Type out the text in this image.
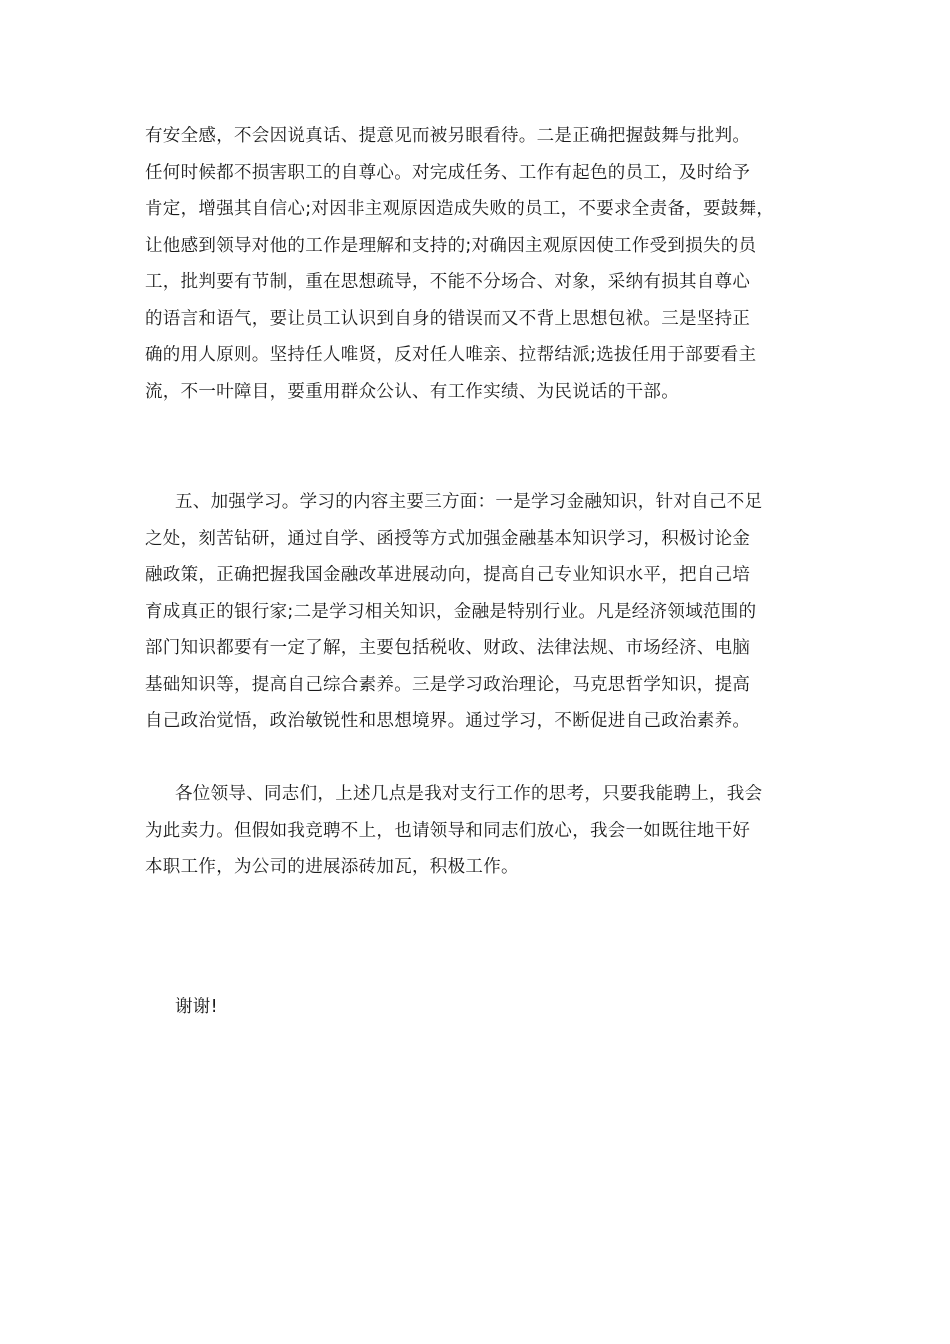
有安全感，不会因说真话、提意见而被另眼看待。二是正确把握鼓舞与批判。
任何时候都不损害职工的自尊心。对完成任务、工作有起色的员工，及时给予
肯定，增强其自信心;对因非主观原因造成失败的员工，不要求全责备，要鼓舞，
让他感到领导对他的工作是理解和支持的;对确因主观原因使工作受到损失的员
工，批判要有节制，重在思想疏导，不能不分场合、对象，采纳有损其自尊心
的语言和语气，要让员工认识到自身的错误而又不背上思想包袱。三是坚持正
确的用人原则。坚持任人唯贤，反对任人唯亲、拉帮结派;选拔任用于部要看主
流，不一叶障目，要重用群众公认、有工作实绩、为民说话的干部。
五、加强学习。学习的内容主要三方面：一是学习金融知识，针对自己不足
之处，刻苦钻研，通过自学、函授等方式加强金融基本知识学习，积极讨论金
融政策，正确把握我国金融改革进展动向，提高自己专业知识水平，把自己培
育成真正的银行家;二是学习相关知识，金融是特别行业。凡是经济领域范围的
部门知识都要有一定了解，主要包括税收、财政、法律法规、市场经济、电脑
基础知识等，提高自己综合素养。三是学习政治理论，马克思哲学知识，提高
自己政治觉悟，政治敏锐性和思想境界。通过学习，不断促进自己政治素养。
各位领导、同志们，上述几点是我对支行工作的思考，只要我能聘上，我会
为此卖力。但假如我竞聘不上，也请领导和同志们放心，我会一如既往地干好
本职工作，为公司的进展添砖加瓦，积极工作。
谢谢!
